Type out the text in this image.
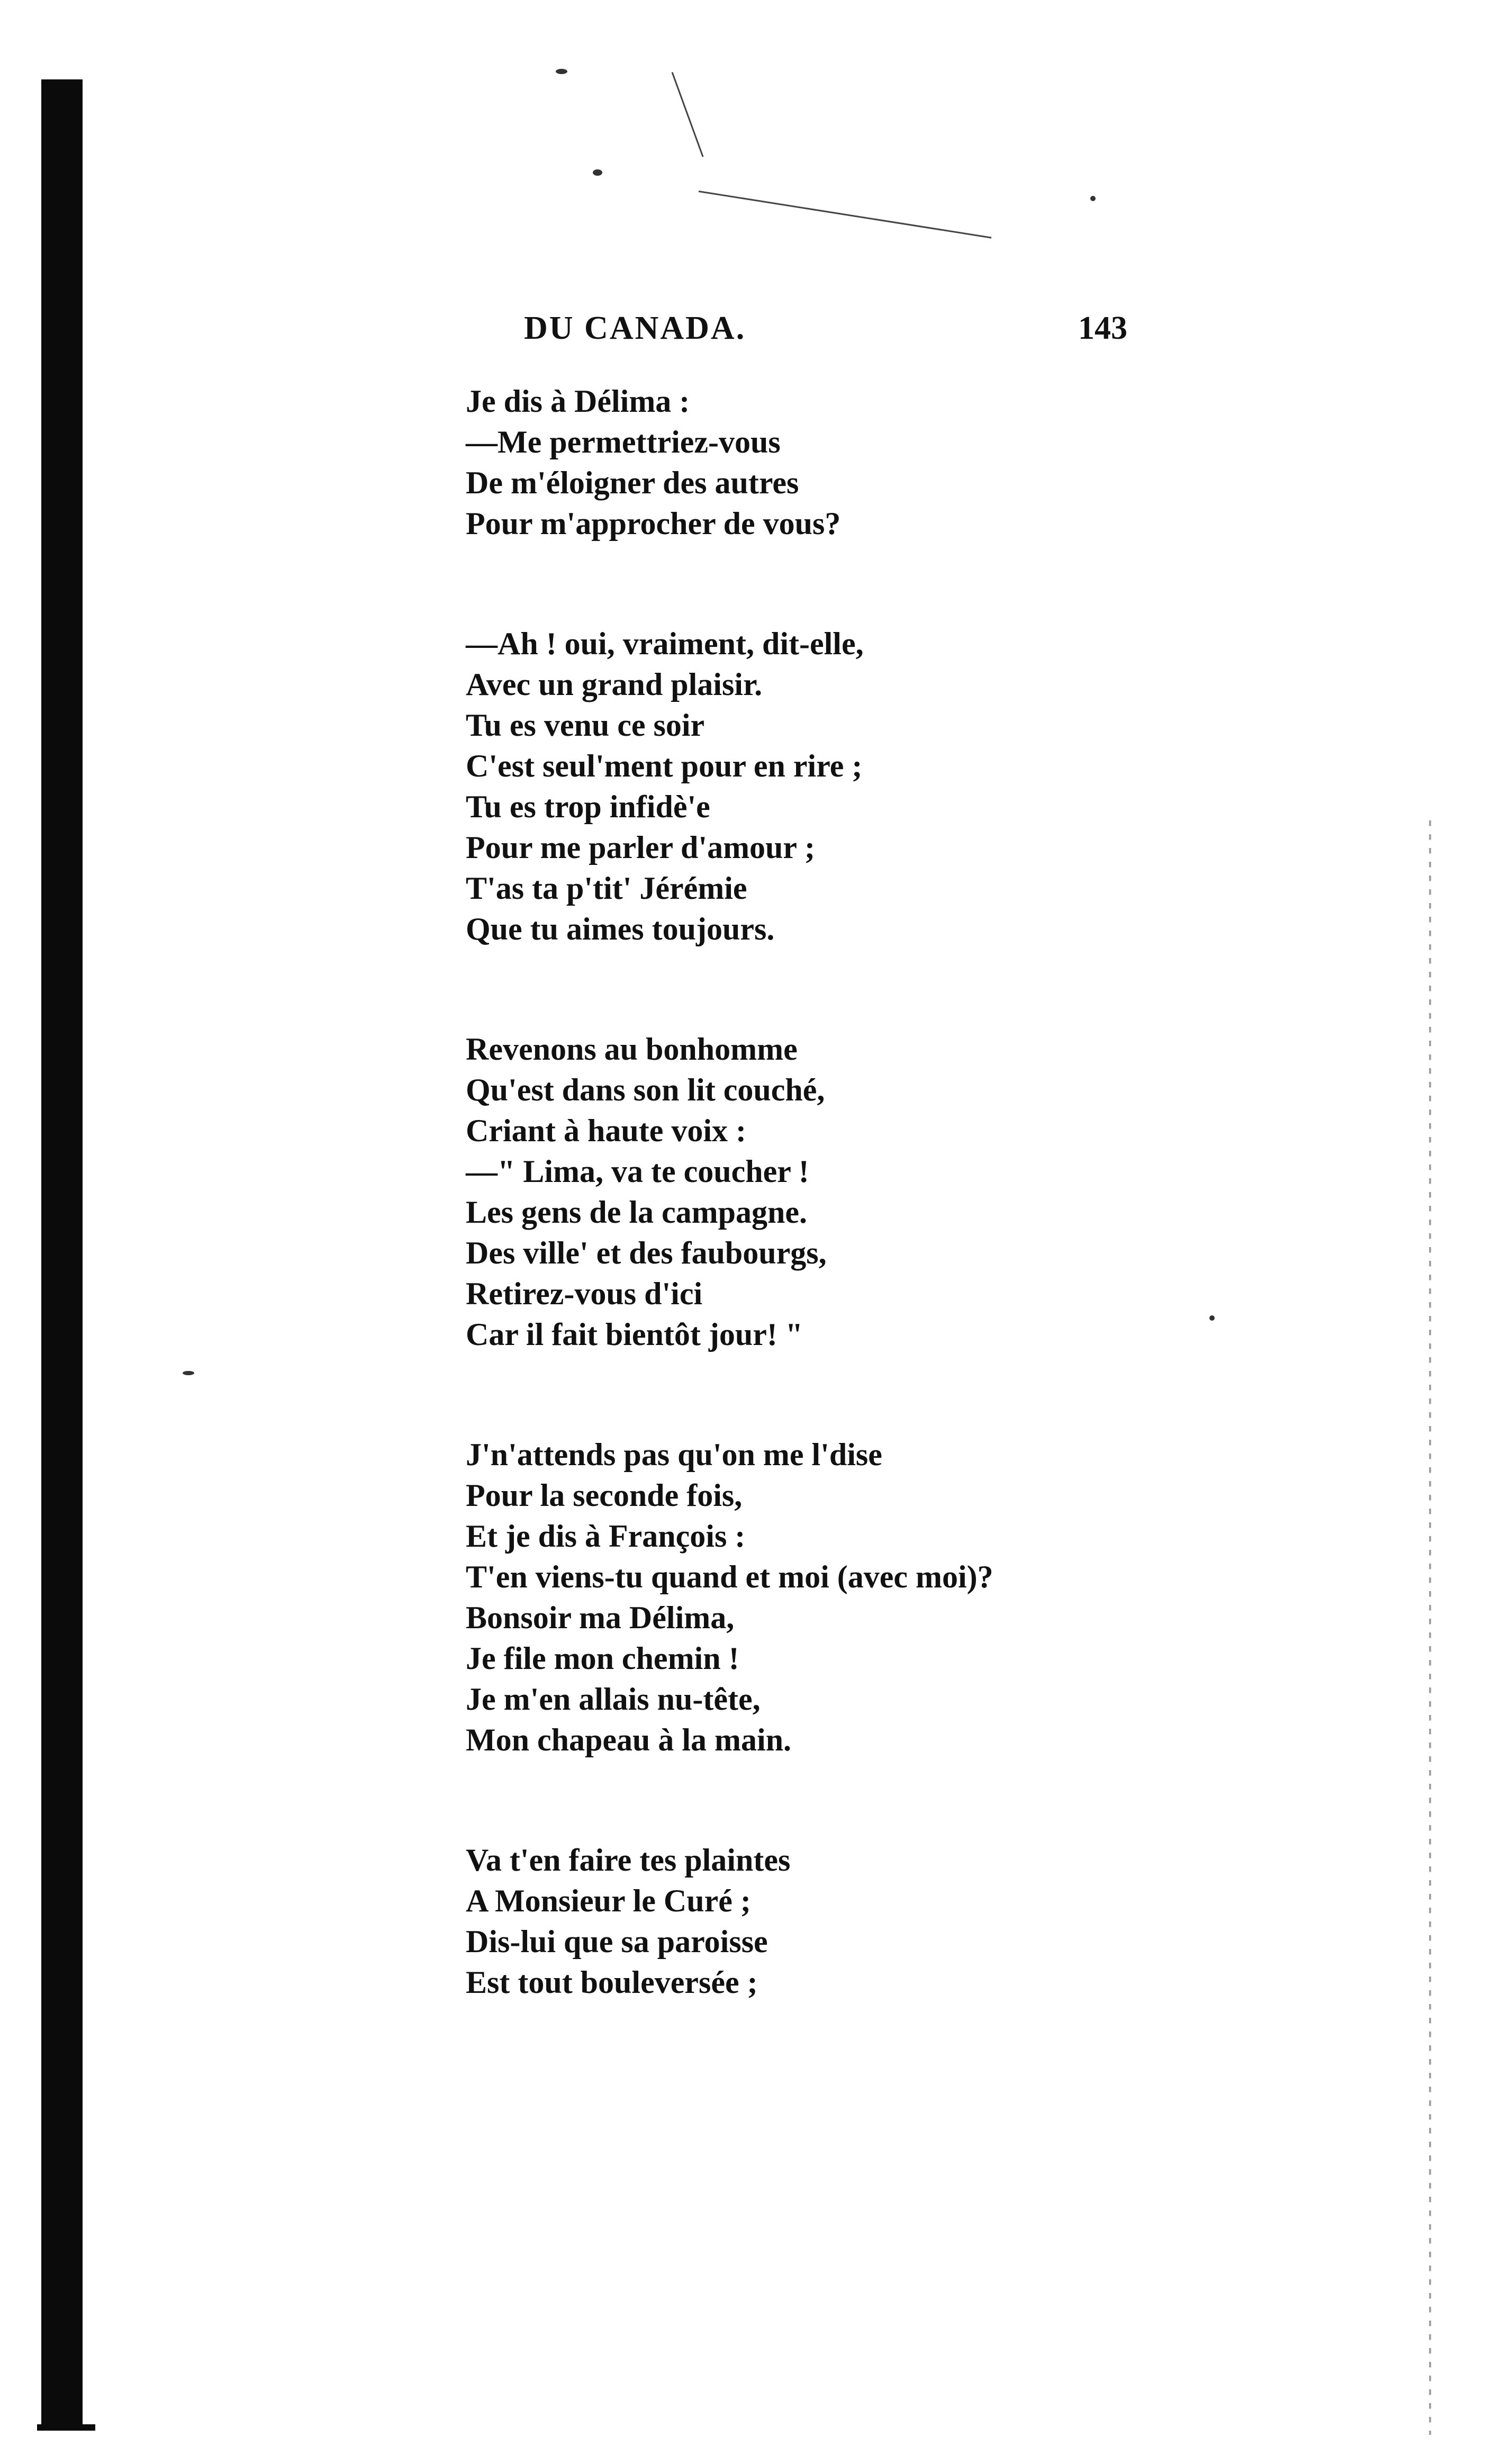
DU CANADA.	143
Je dis à Délima :
—Me permettriez-vous
De m'éloigner des autres
Pour m'approcher de vous?
—Ah ! oui, vraiment, dit-elle,
Avec un grand plaisir.
Tu es venu ce soir
C'est seul'ment pour en rire ;
Tu es trop infidè'e
Pour me parler d'amour ;
T'as ta p'tit' Jérémie
Que tu aimes toujours.
Revenons au bonhomme
Qu'est dans son lit couché,
Criant à haute voix :
—" Lima, va te coucher !
Les gens de la campagne.
Des ville' et des faubourgs,
Retirez-vous d'ici
Car il fait bientôt jour! "
J'n'attends pas qu'on me l'dise
Pour la seconde fois,
Et je dis à François :
T'en viens-tu quand et moi (avec moi)?
Bonsoir ma Délima,
Je file mon chemin !
Je m'en allais nu-tête,
Mon chapeau à la main.
Va t'en faire tes plaintes
A Monsieur le Curé ;
Dis-lui que sa paroisse
Est tout bouleversée ;
